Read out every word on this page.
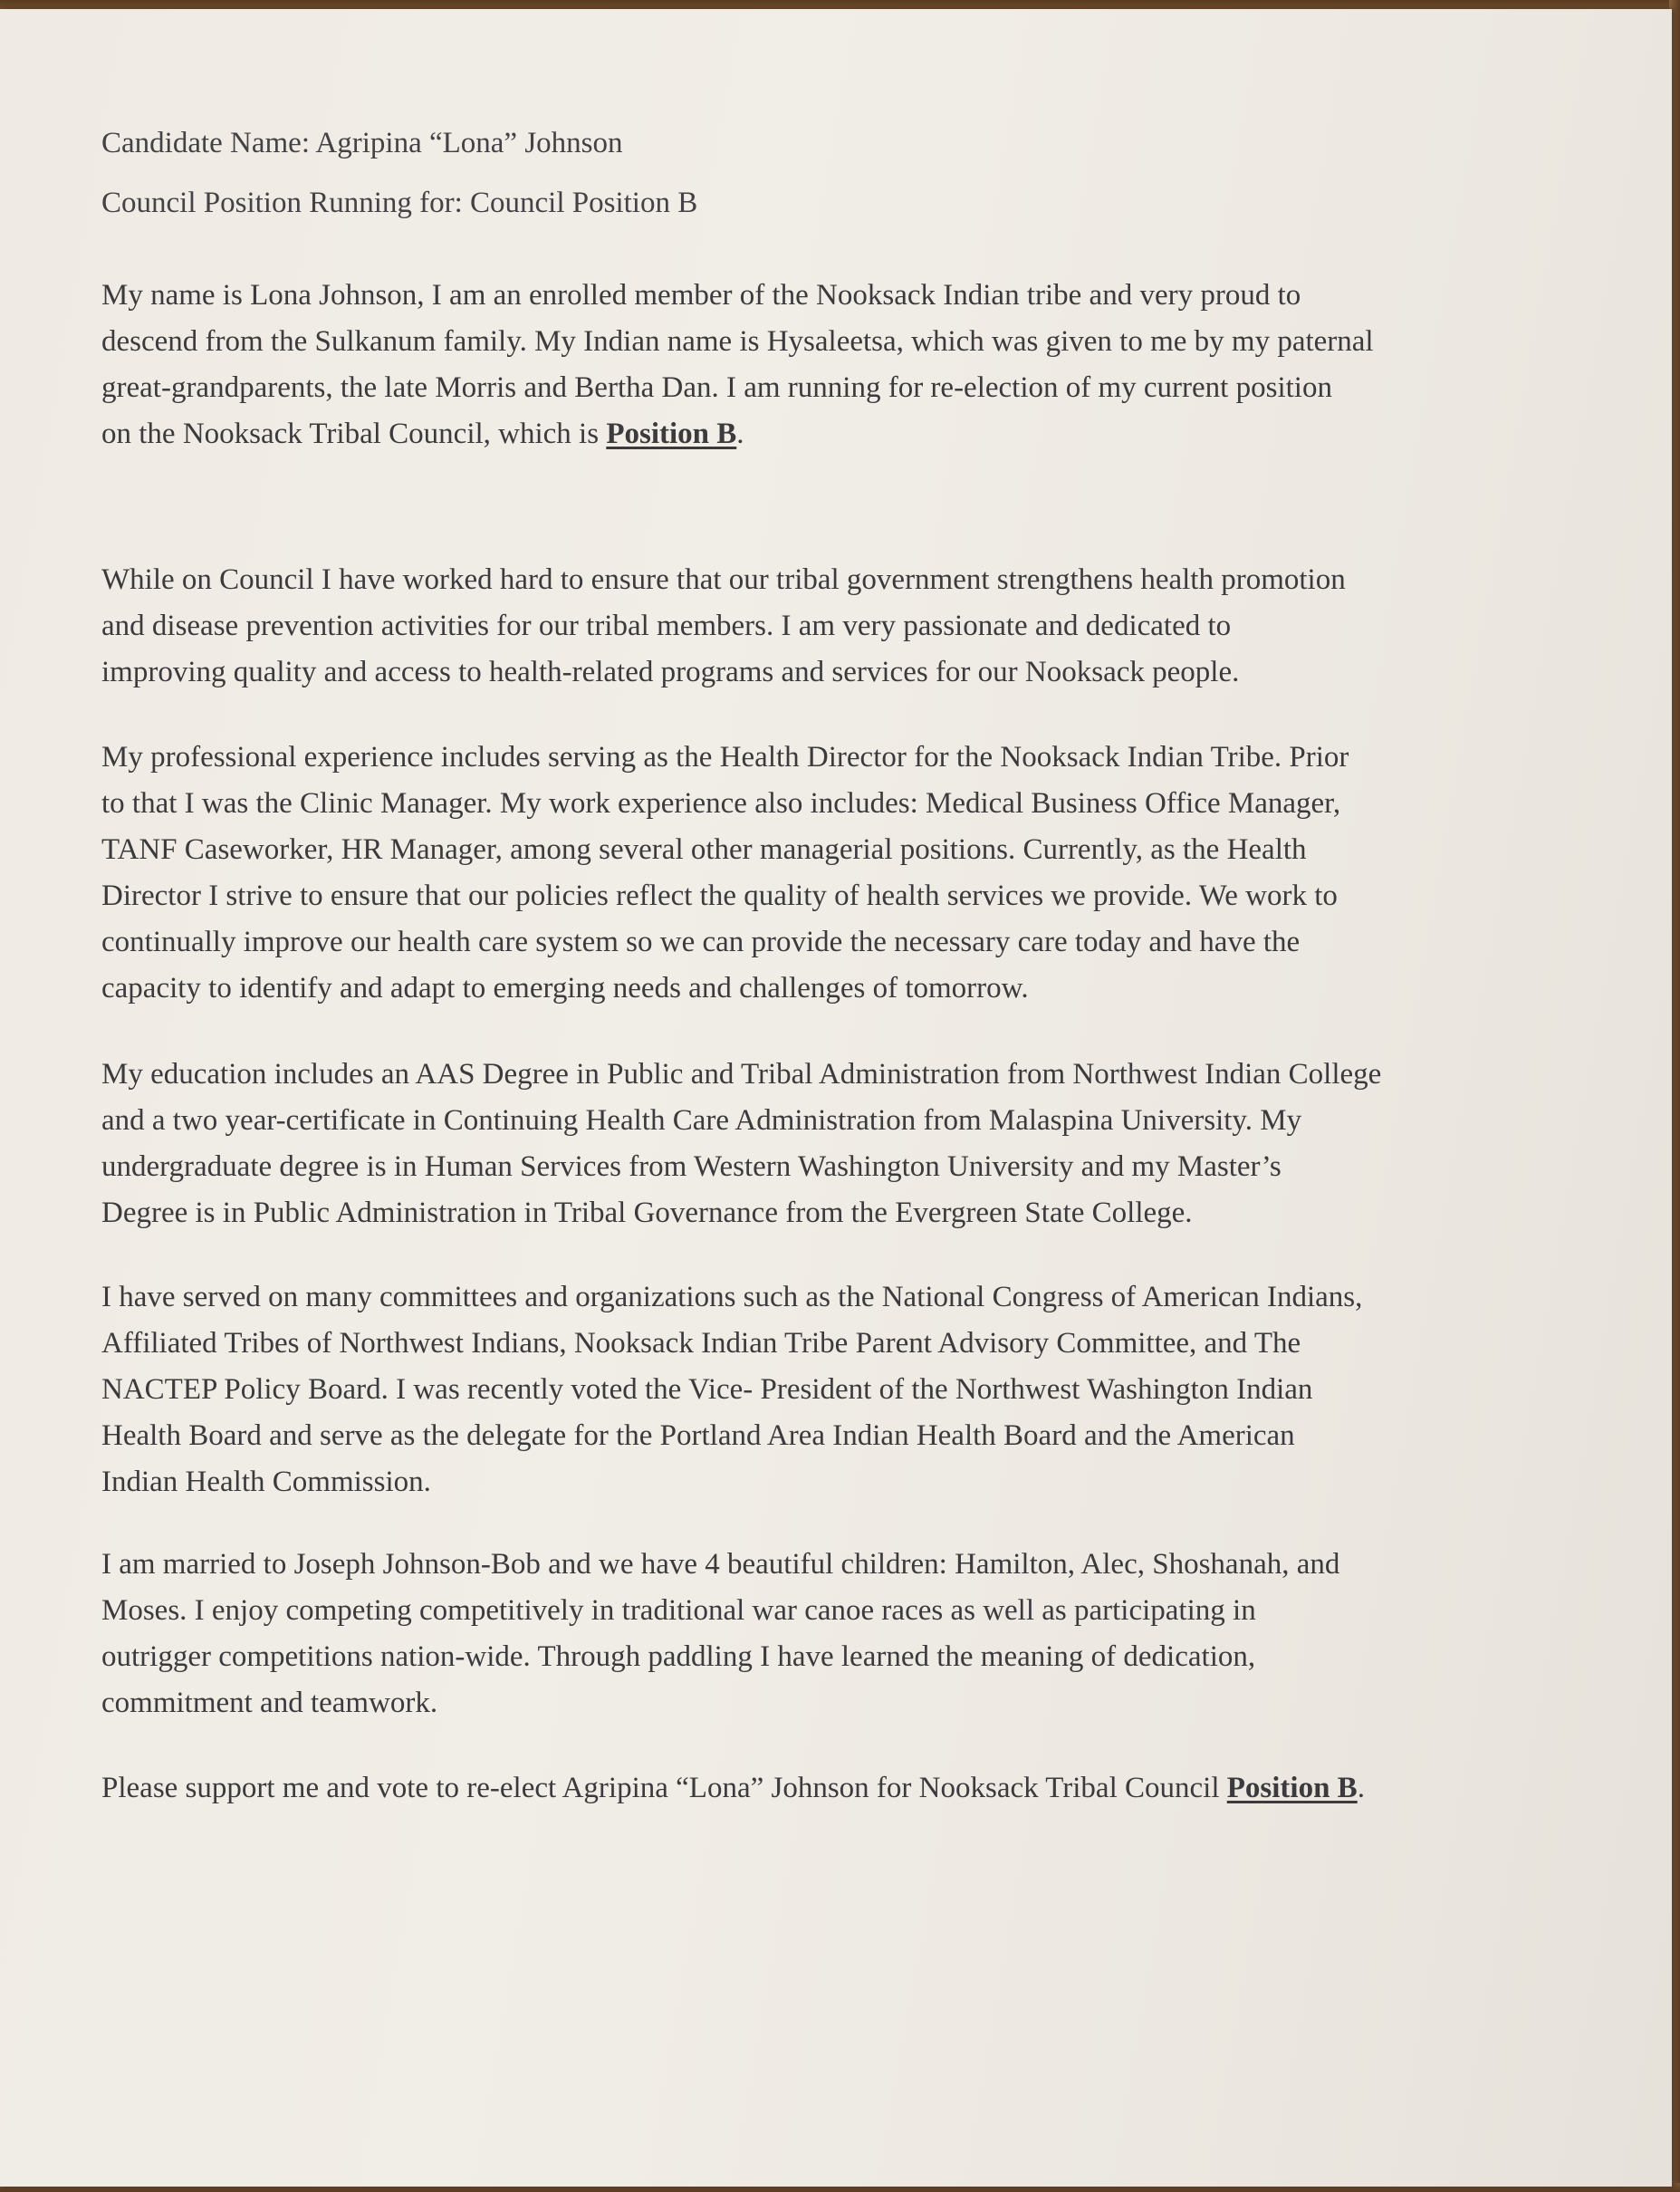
Candidate Name: Agripina “Lona” Johnson
Council Position Running for: Council Position B
My name is Lona Johnson, I am an enrolled member of the Nooksack Indian tribe and very proud to
descend from the Sulkanum family. My Indian name is Hysaleetsa, which was given to me by my paternal
great-grandparents, the late Morris and Bertha Dan. I am running for re-election of my current position
on the Nooksack Tribal Council, which is Position B.
While on Council I have worked hard to ensure that our tribal government strengthens health promotion
and disease prevention activities for our tribal members. I am very passionate and dedicated to
improving quality and access to health-related programs and services for our Nooksack people.
My professional experience includes serving as the Health Director for the Nooksack Indian Tribe. Prior
to that I was the Clinic Manager. My work experience also includes: Medical Business Office Manager,
TANF Caseworker, HR Manager, among several other managerial positions. Currently, as the Health
Director I strive to ensure that our policies reflect the quality of health services we provide. We work to
continually improve our health care system so we can provide the necessary care today and have the
capacity to identify and adapt to emerging needs and challenges of tomorrow.
My education includes an AAS Degree in Public and Tribal Administration from Northwest Indian College
and a two year-certificate in Continuing Health Care Administration from Malaspina University. My
undergraduate degree is in Human Services from Western Washington University and my Master’s
Degree is in Public Administration in Tribal Governance from the Evergreen State College.
I have served on many committees and organizations such as the National Congress of American Indians,
Affiliated Tribes of Northwest Indians, Nooksack Indian Tribe Parent Advisory Committee, and The
NACTEP Policy Board. I was recently voted the Vice- President of the Northwest Washington Indian
Health Board and serve as the delegate for the Portland Area Indian Health Board and the American
Indian Health Commission.
I am married to Joseph Johnson-Bob and we have 4 beautiful children: Hamilton, Alec, Shoshanah, and
Moses. I enjoy competing competitively in traditional war canoe races as well as participating in
outrigger competitions nation-wide. Through paddling I have learned the meaning of dedication,
commitment and teamwork.
Please support me and vote to re-elect Agripina “Lona” Johnson for Nooksack Tribal Council Position B.
